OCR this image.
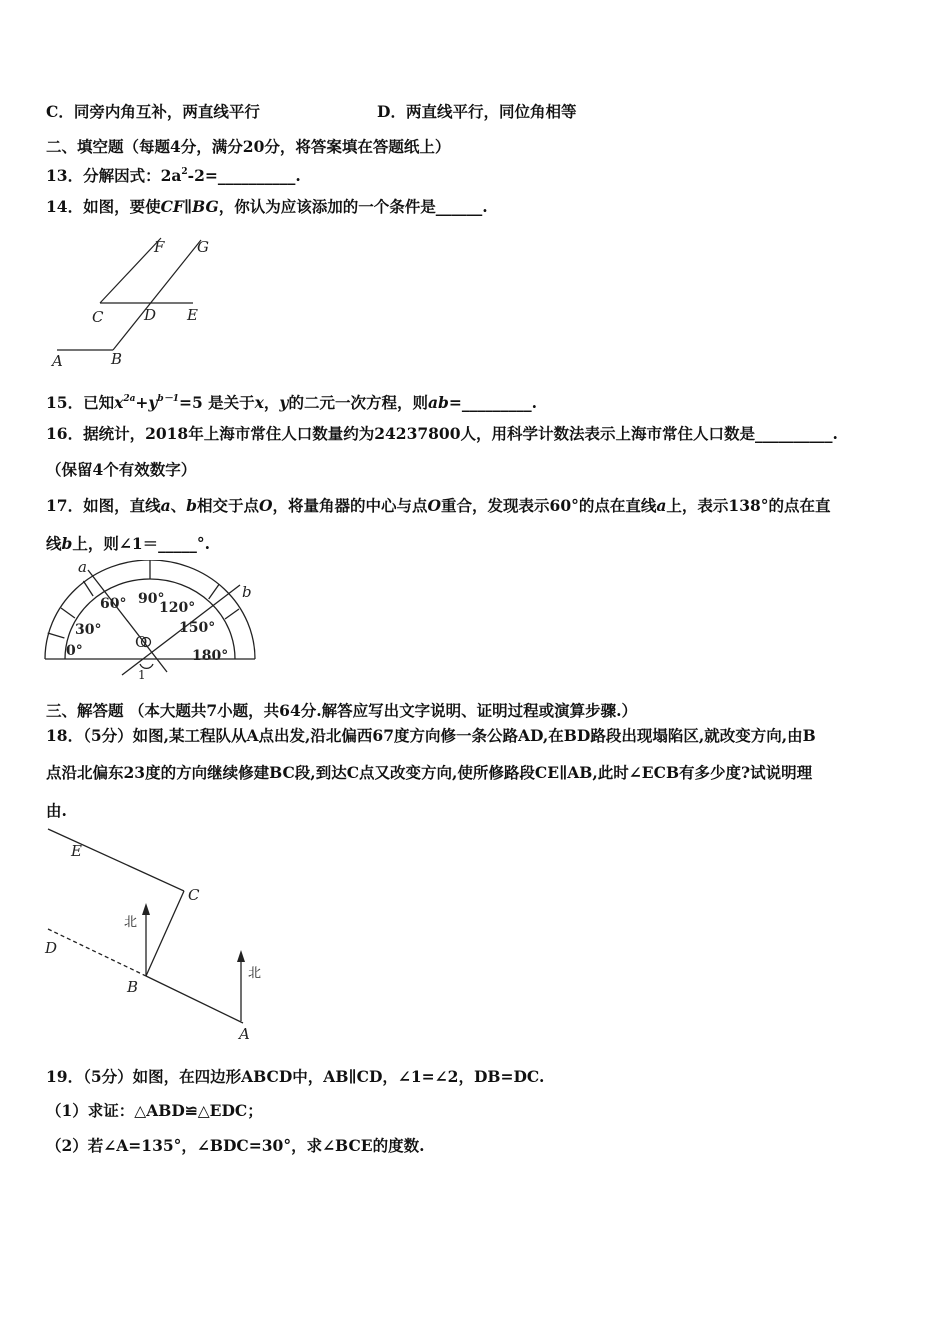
C．同旁内角互补，两直线平行	D．两直线平行，同位角相等
二、填空题（每题4分，满分20分，将答案填在答题纸上）
13．分解因式：$2a^2-2=\_\_\_\_\_\_\_\_\_\_$.
14．如图，要使CF∥BG，你认为应该添加的一个条件是______.
F G
C	D E
A	B
15．已知$x^{2a}+y^{b-1}=5$ 是关于x，y的二元一次方程，则ab=_________.
16．据统计，2018年上海市常住人口数量约为24237800人，用科学计数法表示上海市常住人口数是__________.
（保留4个有效数字）
17．如图，直线a、b相交于点O，将量角器的中心与点O重合，发现表示60°的点在直线a上，表示138°的点在直
线b上，则∠1＝_____°.
a
b
O
1
0°
30°
60° 90°
120°
150°
180°
三、解答题 （本大题共7小题，共64分.解答应写出文字说明、证明过程或演算步骤.）
18．（5分）如图,某工程队从A点出发,沿北偏西67度方向修一条公路AD,在BD路段出现塌陷区,就改变方向,由B
点沿北偏东23度的方向继续修建BC段,到达C点又改变方向,使所修路段CE∥AB,此时∠ECB有多少度?试说明理
由.
E
C
D
B
A
北
北
19．（5分）如图，在四边形ABCD中，AB∥CD，∠1=∠2，DB=DC.
（1）求证：△ABD≌△EDC；
（2）若∠A=135°，∠BDC=30°，求∠BCE的度数.
